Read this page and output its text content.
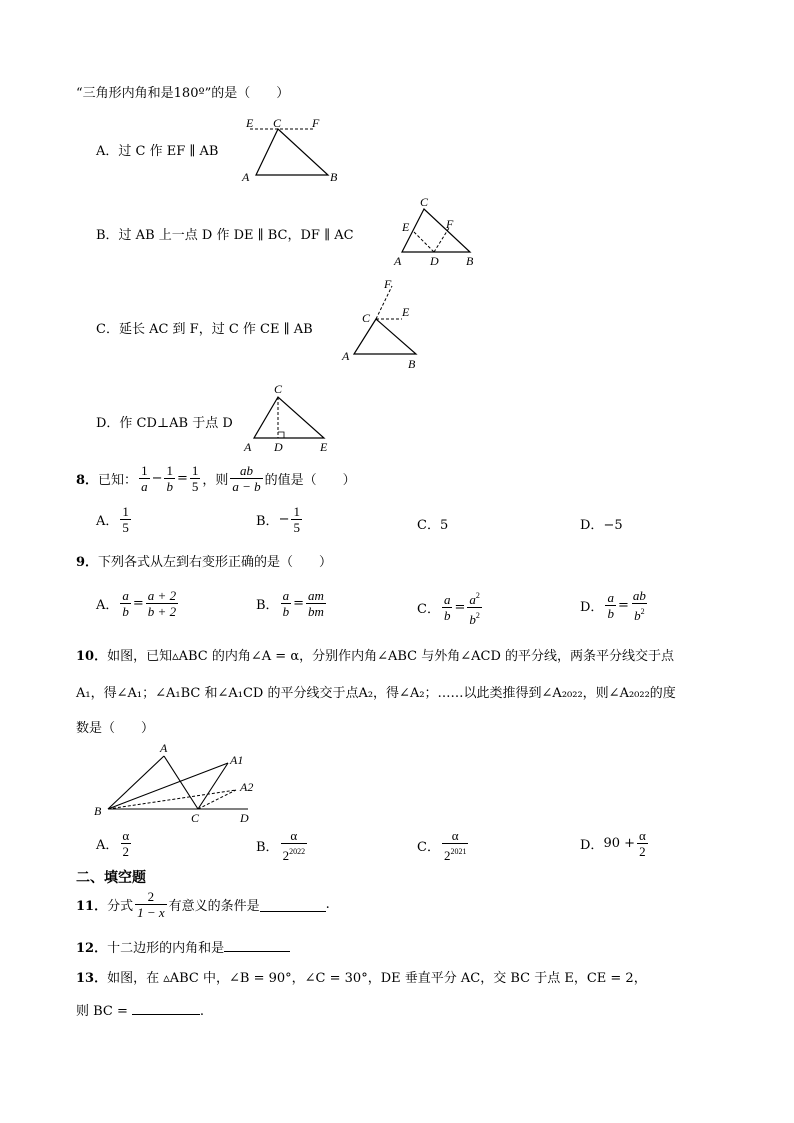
“三角形内角和是180º”的是（　　）
A．过 C 作 EF ∥ AB
E C	F
A	B
B．过 AB 上一点 D 作 DE ∥ BC，DF ∥ AC
C
E	F
A D B
C．延长 AC 到 F，过 C 作 CE ∥ AB
F
C	E
A
B
D．作 CD⊥AB 于点 D
C
A D	E
8． 已知： $\frac{1}{a} - \frac{1}{b} = \frac{1}{5}$ ，则 $\frac{ab}{a - b}$ 的值是（　　）
A． $\frac{1}{5}$	B． − $\frac{1}{5}$	C．5	D．−5
9．下列各式从左到右变形正确的是（　　）
A． $\frac{a}{b} = \frac{a + 2}{b + 2}$	B． $\frac{a}{b} = \frac{am}{bm}$	C． $\frac{a}{b} = \frac{a^2}{b^2}$	D． $\frac{a}{b} = \frac{ab}{b^2}$
10．如图，已知▵ABC 的内角∠A = α，分别作内角∠ABC 与外角∠ACD 的平分线，两条平分线交于点
A₁，得∠A₁；∠A₁BC 和∠A₁CD 的平分线交于点A₂，得∠A₂；……以此类推得到∠A₂₀₂₂，则∠A₂₀₂₂的度
数是（　　）
A
A1
A2
B	C	D
A． $\frac{\alpha}{2}$	B． $\frac{\alpha}{2^{2022}}$	C． $\frac{\alpha}{2^{2021}}$	D． $90 + \frac{\alpha}{2}$
二、填空题
11． 分式 $\frac{2}{1 - x}$ 有意义的条件是	.
12．十二边形的内角和是
13．如图，在 ▵ABC 中，∠B = 90°，∠C = 30°，DE 垂直平分 AC，交 BC 于点 E，CE = 2，
则 BC =	.
